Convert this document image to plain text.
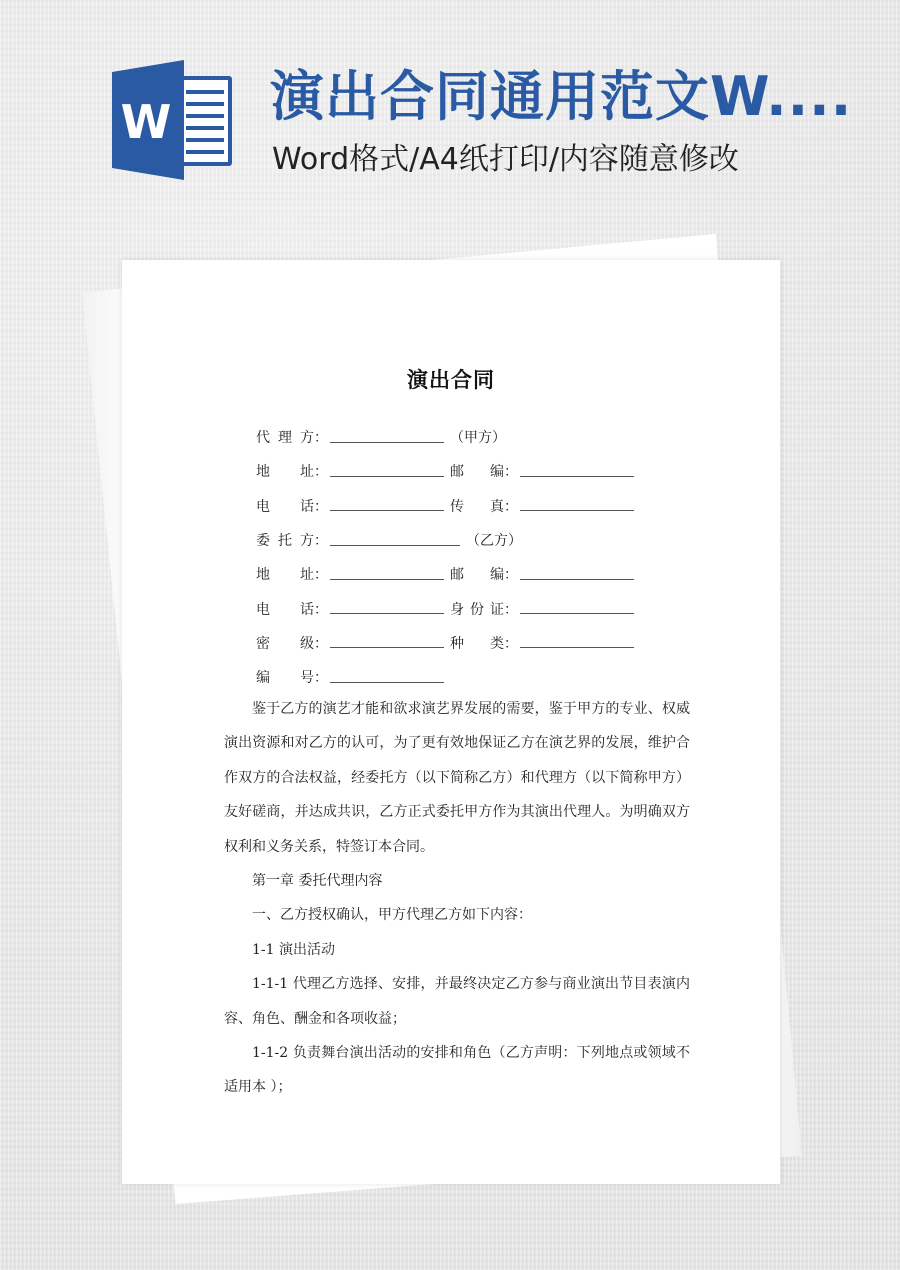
W 演出合同通用范文W....
Word格式/A4纸打印/内容随意修改
演出合同
代理方 ：	（甲方）
地　址 ：	邮　编 ：
电　话 ：	传　真 ：
委托方 ：	（乙方）
地　址 ：	邮　编 ：
电　话 ：	身份证 ：
密　级 ：	种　类 ：
编　号 ：

鉴于乙方的演艺才能和欲求演艺界发展的需要，鉴于甲方的专业、权威演出资源和对乙方的认可，为了更有效地保证乙方在演艺界的发展，维护合作双方的合法权益，经委托方（以下简称乙方）和代理方（以下简称甲方）友好磋商，并达成共识，乙方正式委托甲方作为其演出代理人。为明确双方权利和义务关系，特签订本合同。

第一章 委托代理内容

一、乙方授权确认，甲方代理乙方如下内容：

1-1 演出活动

1-1-1 代理乙方选择、安排，并最终决定乙方参与商业演出节目表演内容、角色、酬金和各项收益；

1-1-2 负责舞台演出活动的安排和角色（乙方声明：下列地点或领域不适用本 ）；
